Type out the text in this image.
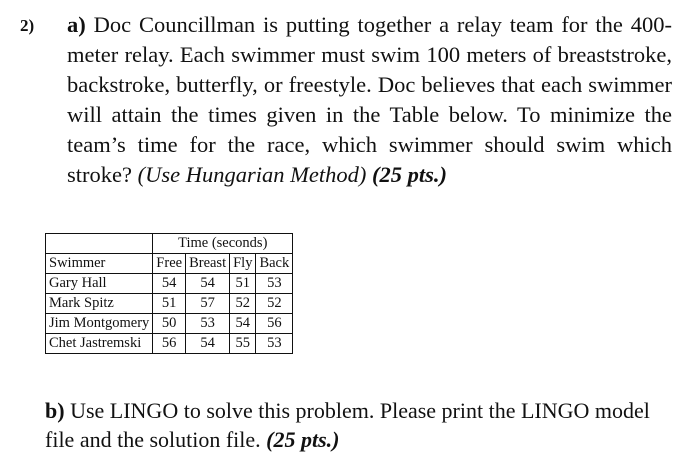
2)	a) Doc Councillman is putting together a relay team for the 400-meter relay. Each swimmer must swim 100 meters of breaststroke, backstroke, butterfly, or freestyle. Doc believes that each swimmer will attain the times given in the Table below. To minimize the team’s time for the race, which swimmer should swim which stroke? (Use Hungarian Method) (25 pts.)
	Time (seconds)			
Swimmer	Free	Breast	Fly	Back
Gary Hall	54	54	51	53
Mark Spitz	51	57	52	52
Jim Montgomery	50	53	54	56
Chet Jastremski	56	54	55	53
b) Use LINGO to solve this problem. Please print the LINGO model file and the solution file. (25 pts.)
